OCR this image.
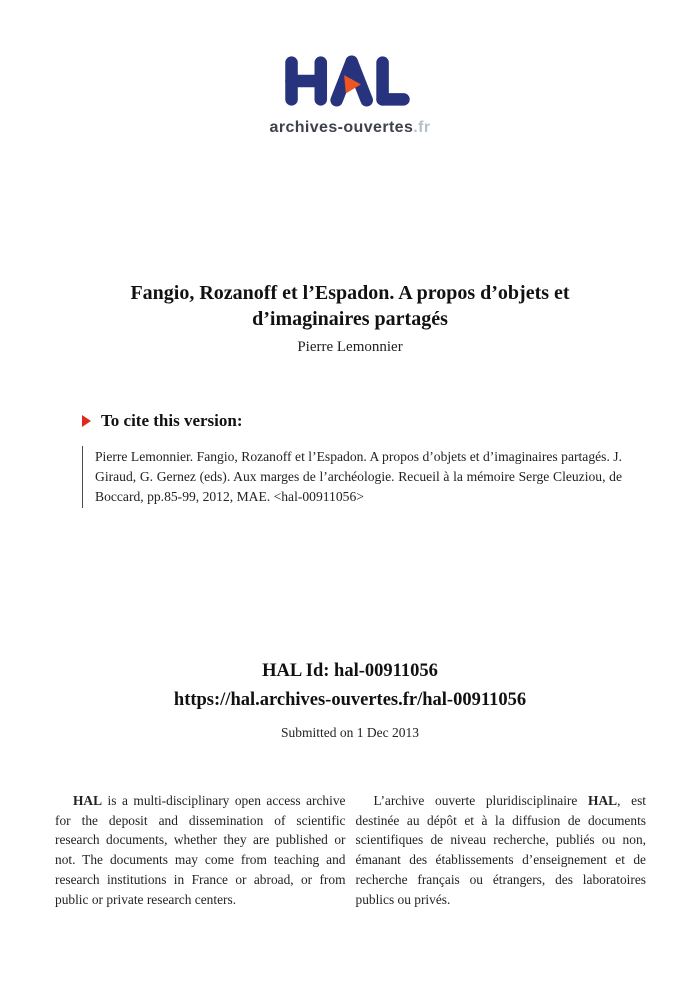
archives-ouvertes.fr
Fangio, Rozanoff et l’Espadon. A propos d’objets et
d’imaginaires partagés
Pierre Lemonnier
To cite this version:
Pierre Lemonnier. Fangio, Rozanoff et l’Espadon. A propos d’objets et d’imaginaires partagés. J. Giraud, G. Gernez (eds). Aux marges de l’archéologie. Recueil à la mémoire Serge Cleuziou, de Boccard, pp.85-99, 2012, MAE. <hal-00911056>
HAL Id: hal-00911056
https://hal.archives-ouvertes.fr/hal-00911056
Submitted on 1 Dec 2013

HAL is a multi-disciplinary open access archive for the deposit and dissemination of scientific research documents, whether they are published or not. The documents may come from teaching and research institutions in France or abroad, or from public or private research centers.

L’archive ouverte pluridisciplinaire HAL, est destinée au dépôt et à la diffusion de documents scientifiques de niveau recherche, publiés ou non, émanant des établissements d’enseignement et de recherche français ou étrangers, des laboratoires publics ou privés.
